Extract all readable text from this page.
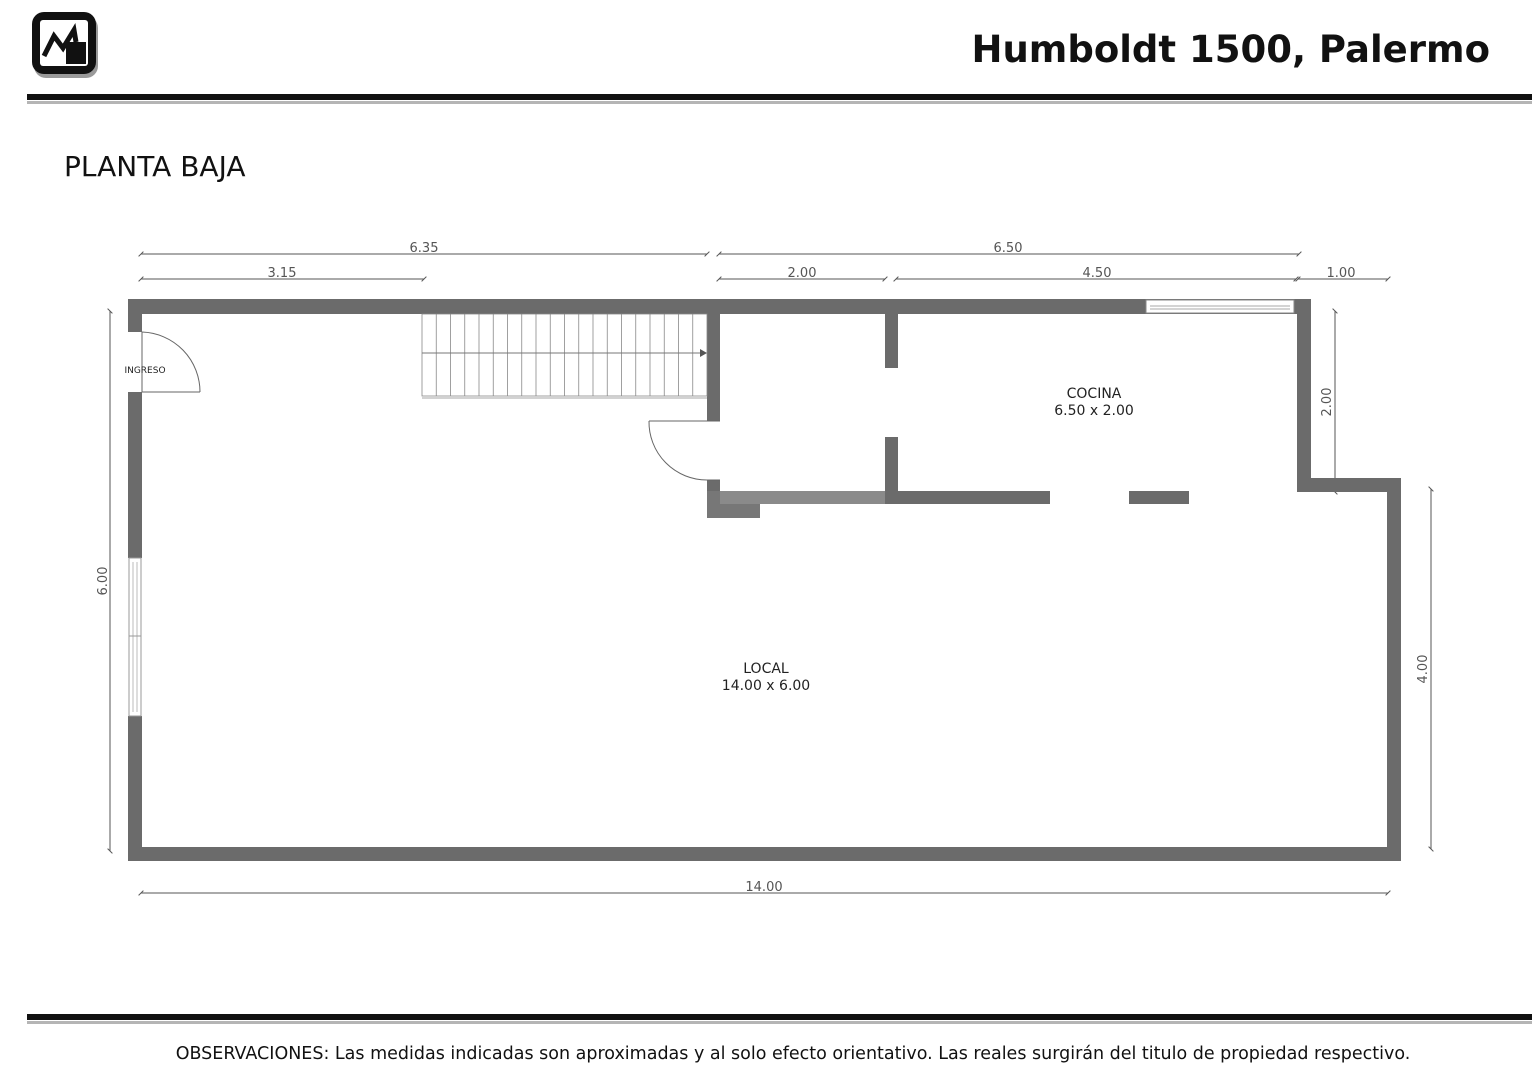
Humboldt 1500, Palermo
PLANTA BAJA
6.35
3.15
6.50
2.00	4.50	1.00
6.00
2.00
4.00
14.00
INGRESO
COCINA
6.50 x 2.00
LOCAL
14.00 x 6.00
OBSERVACIONES: Las medidas indicadas son aproximadas y al solo efecto orientativo. Las reales surgirán del titulo de propiedad respectivo.
